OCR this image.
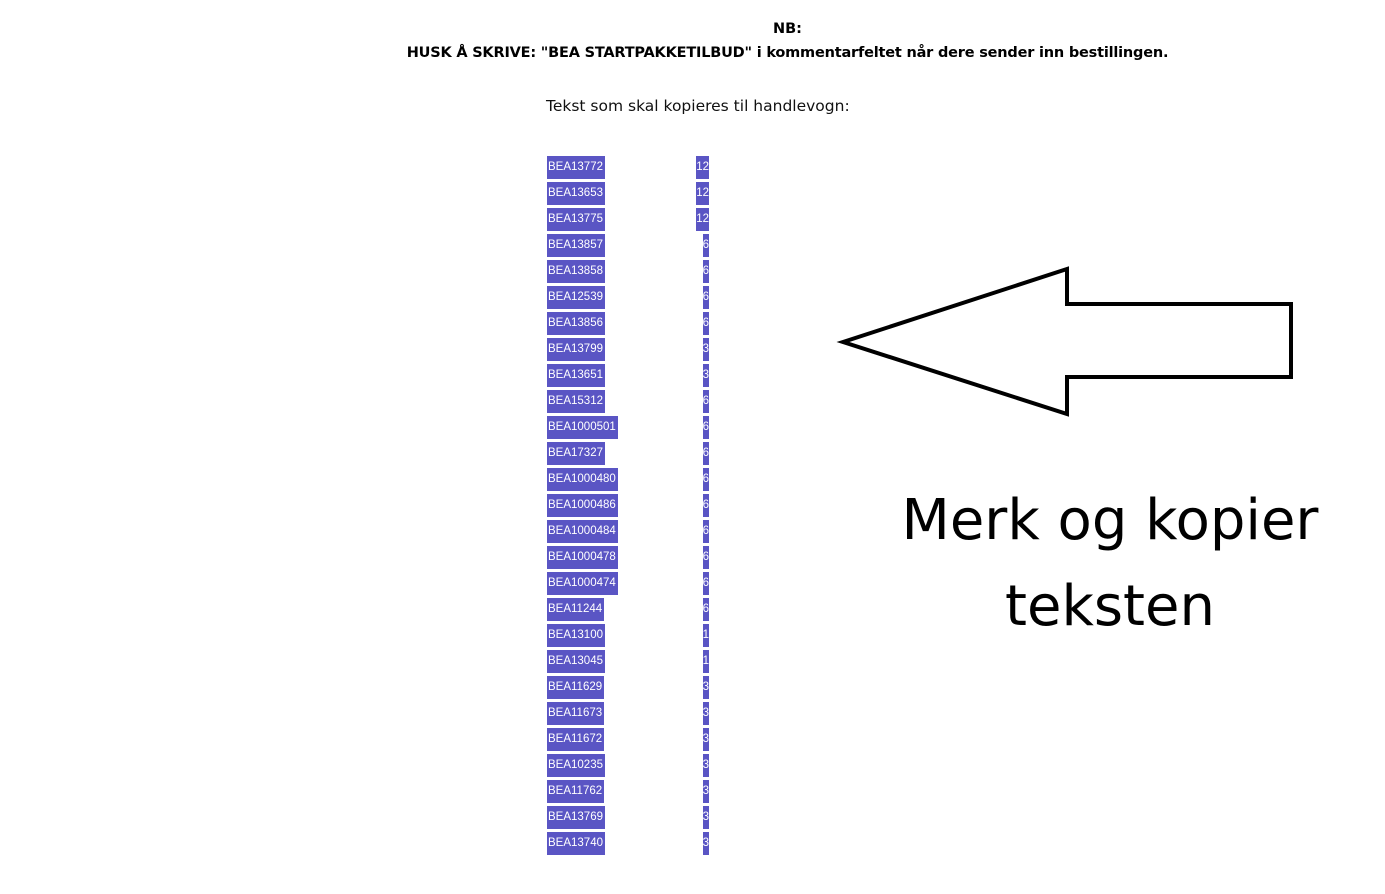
NB:
HUSK Å SKRIVE: "BEA STARTPAKKETILBUD" i kommentarfeltet når dere sender inn bestillingen.
Tekst som skal kopieres til handlevogn:
BEA13772	12
BEA13653	12
BEA13775	12
BEA13857	6
BEA13858	6
BEA12539	6
BEA13856	6
BEA13799	3
BEA13651	3
BEA15312	6
BEA1000501	6
BEA17327	6
BEA1000480	6
BEA1000486	6
BEA1000484	6
BEA1000478	6
BEA1000474	6
BEA11244	6
BEA13100	1
BEA13045	1
BEA11629	3
BEA11673	3
BEA11672	3
BEA10235	3
BEA11762	3
BEA13769	3
BEA13740	3
Merk og kopier
teksten
